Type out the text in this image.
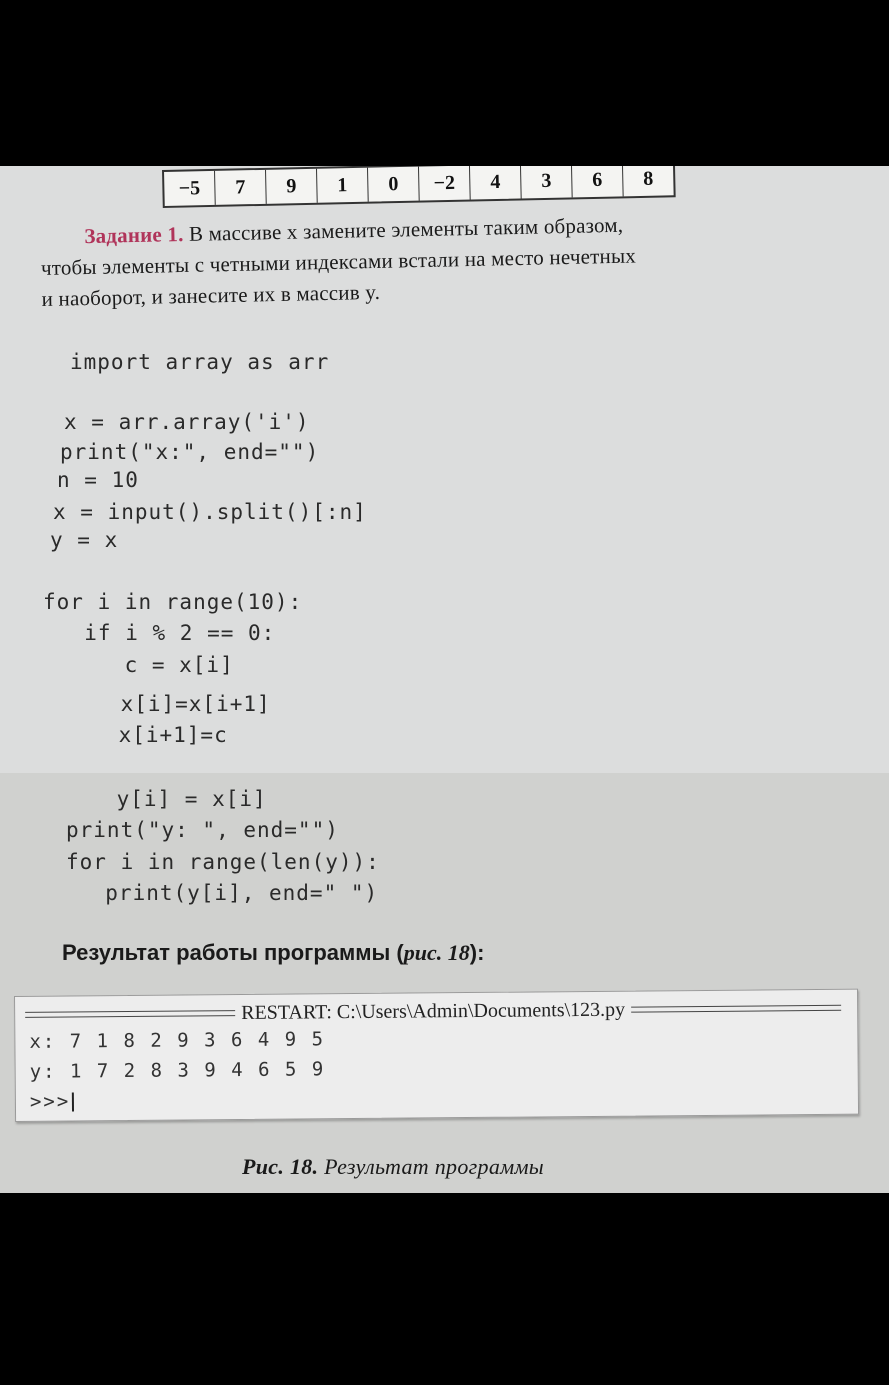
−5	7	9	1	0	−2	4	3	6	8
Задание 1. В массиве x замените элементы таким образом,
чтобы элементы с четными индексами встали на место нечетных
и наоборот, и занесите их в массив y.
import array as arr
x = arr.array('i')
print("x:", end="")
n = 10
x = input().split()[:n]
y = x
for i in range(10):
if i % 2 == 0:
c = x[i]
x[i]=x[i+1]
x[i+1]=c
y[i] = x[i]
print("y: ", end="")
for i in range(len(y)):
print(y[i], end=" ")
Результат работы программы (рис. 18):
RESTART: C:\Users\Admin\Documents\123.py
x: 7 1 8 2 9 3 6 4 9 5
y: 1 7 2 8 3 9 4 6 5 9
>>>
Рис. 18. Результат программы
